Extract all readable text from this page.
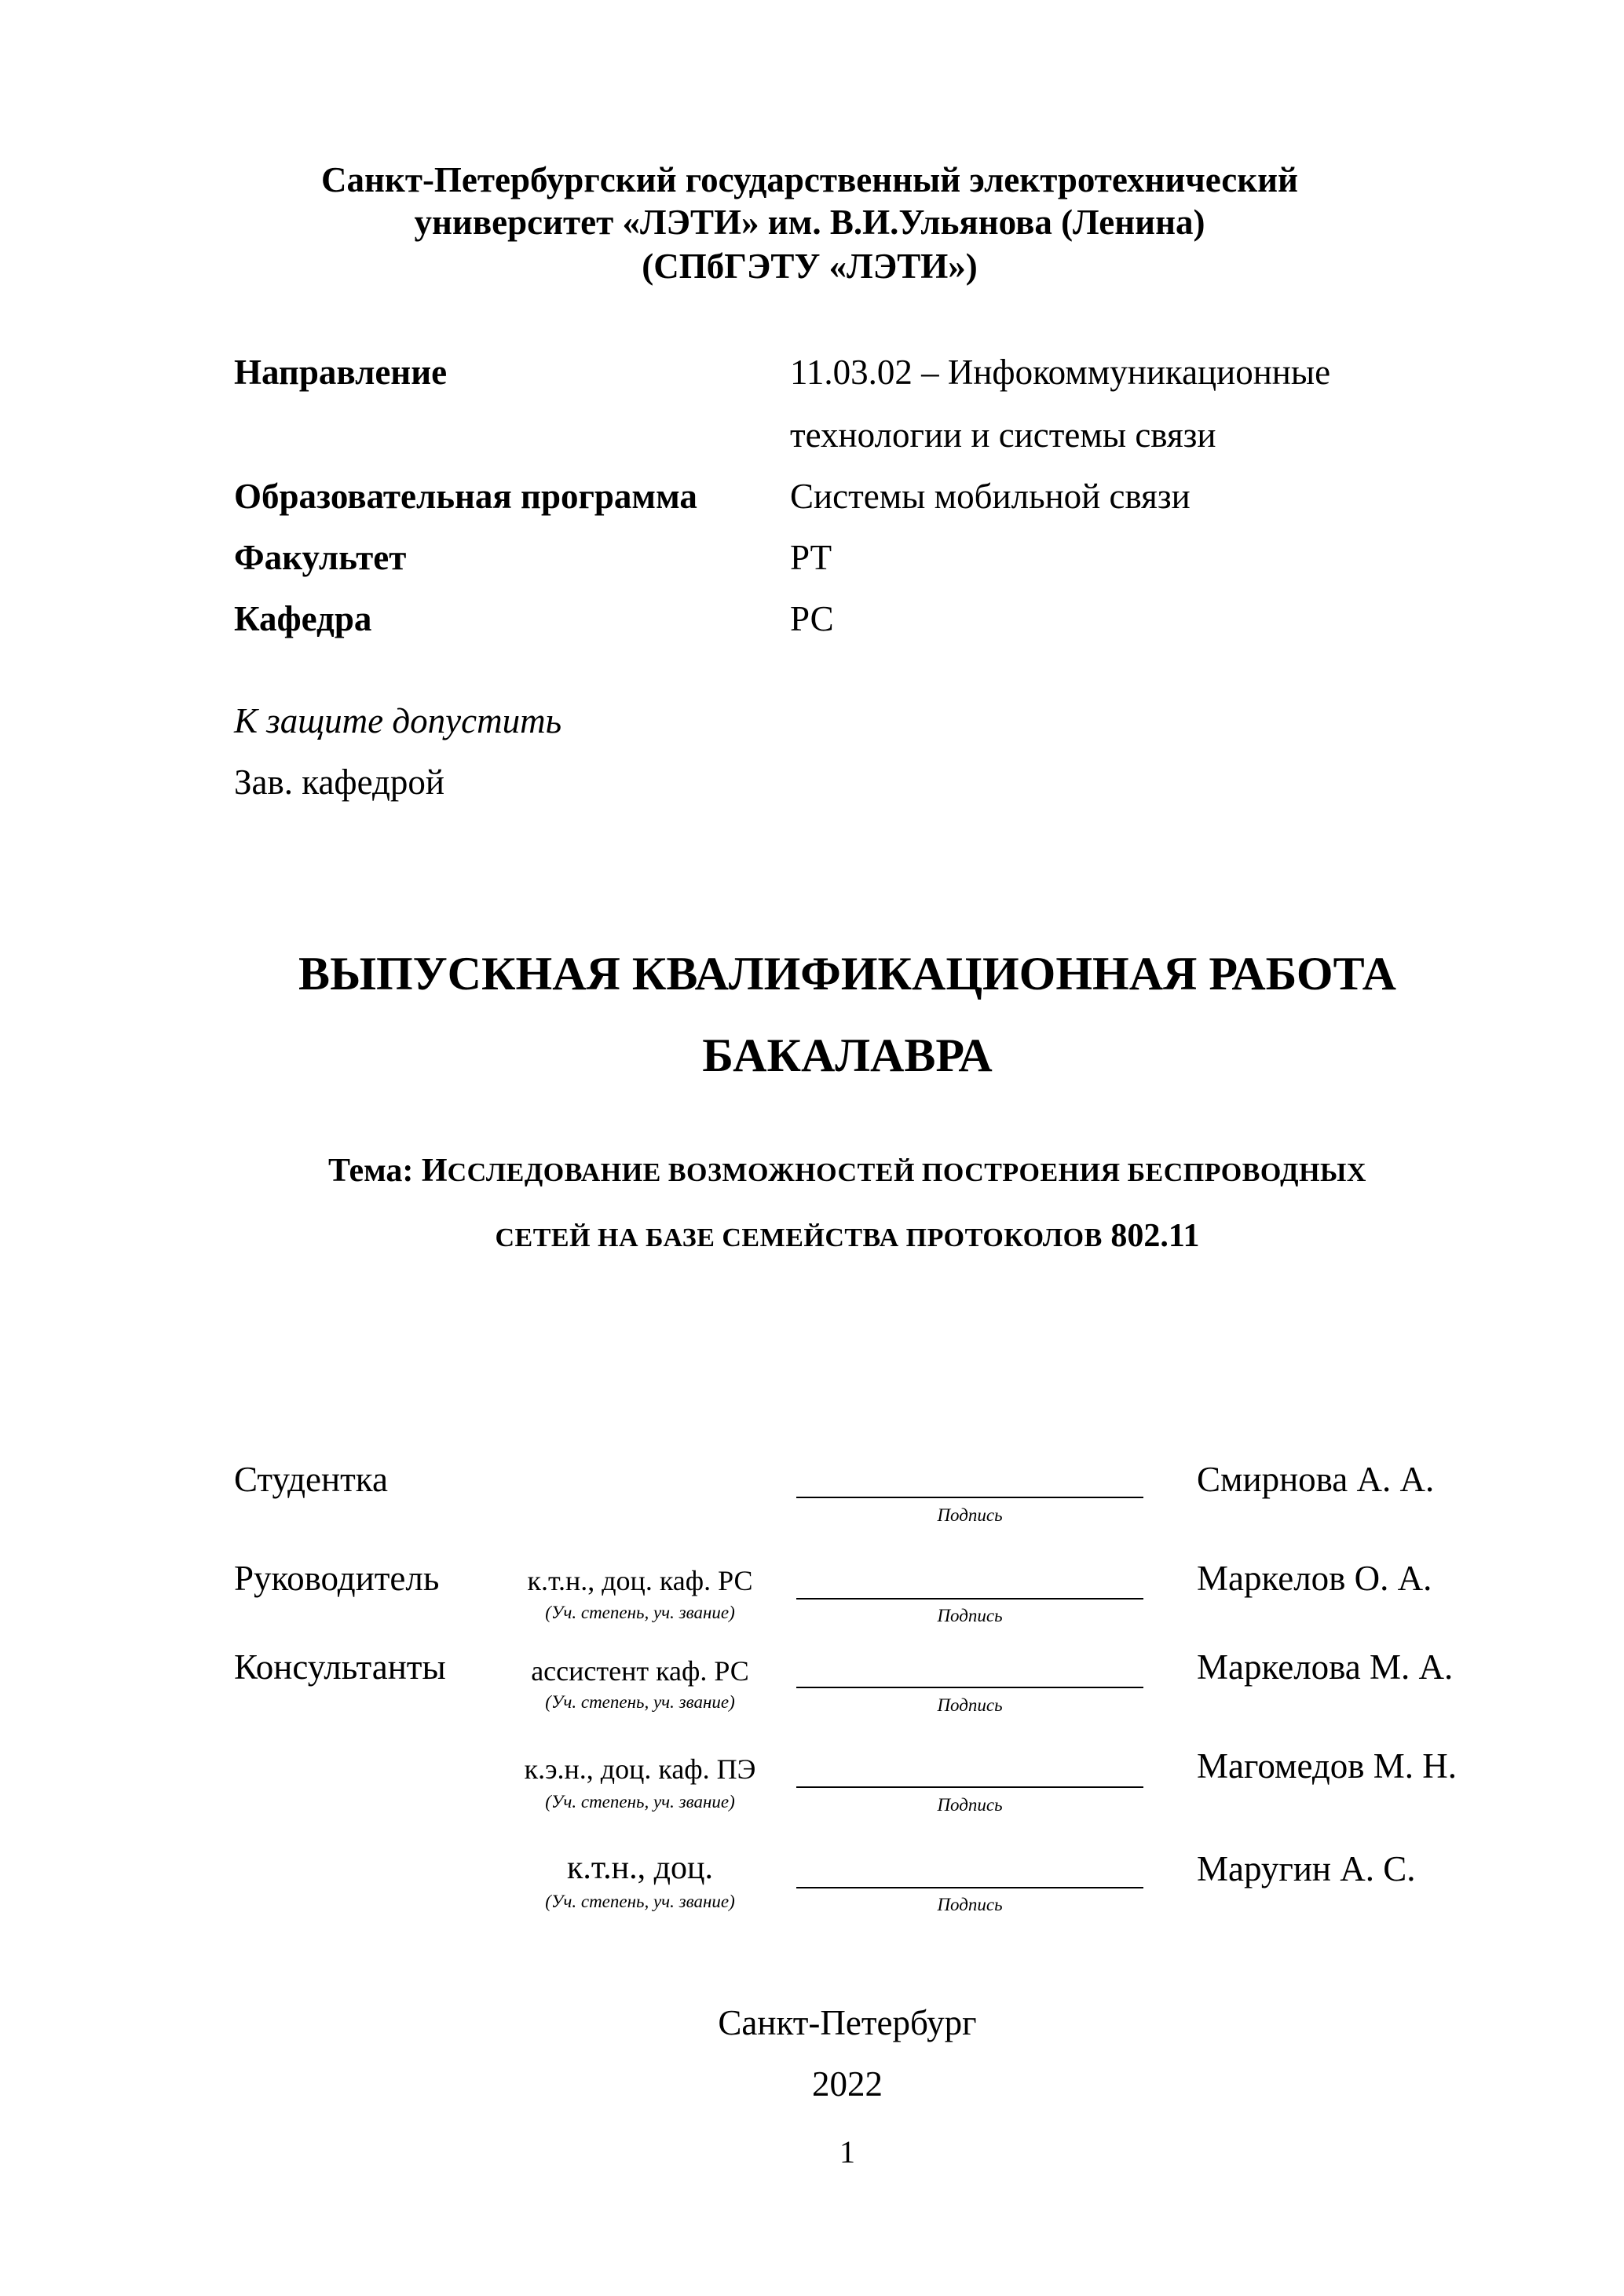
Санкт-Петербургский государственный электротехнический
университет «ЛЭТИ» им. В.И.Ульянова (Ленина)
(СПбГЭТУ «ЛЭТИ»)
Направление	11.03.02 – Инфокоммуникационные
технологии и системы связи
Образовательная программа	Системы мобильной связи
Факультет	РТ
Кафедра	РС
К защите допустить
Зав. кафедрой
ВЫПУСКНАЯ КВАЛИФИКАЦИОННАЯ РАБОТА
БАКАЛАВРА
Тема: ИССЛЕДОВАНИЕ ВОЗМОЖНОСТЕЙ ПОСТРОЕНИЯ БЕСПРОВОДНЫХ
СЕТЕЙ НА БАЗЕ СЕМЕЙСТВА ПРОТОКОЛОВ 802.11
Студентка
Подпись
Смирнова А. А.
Руководитель	к.т.н., доц. каф. РС
(Уч. степень, уч. звание)	Подпись
Маркелов О. А.
Консультанты	ассистент каф. РС
(Уч. степень, уч. звание)	Подпись
Маркелова М. А.
к.э.н., доц. каф. ПЭ
(Уч. степень, уч. звание)	Подпись
Магомедов М. Н.
к.т.н., доц.
(Уч. степень, уч. звание)	Подпись
Маругин А. С.
Санкт-Петербург
2022
1
